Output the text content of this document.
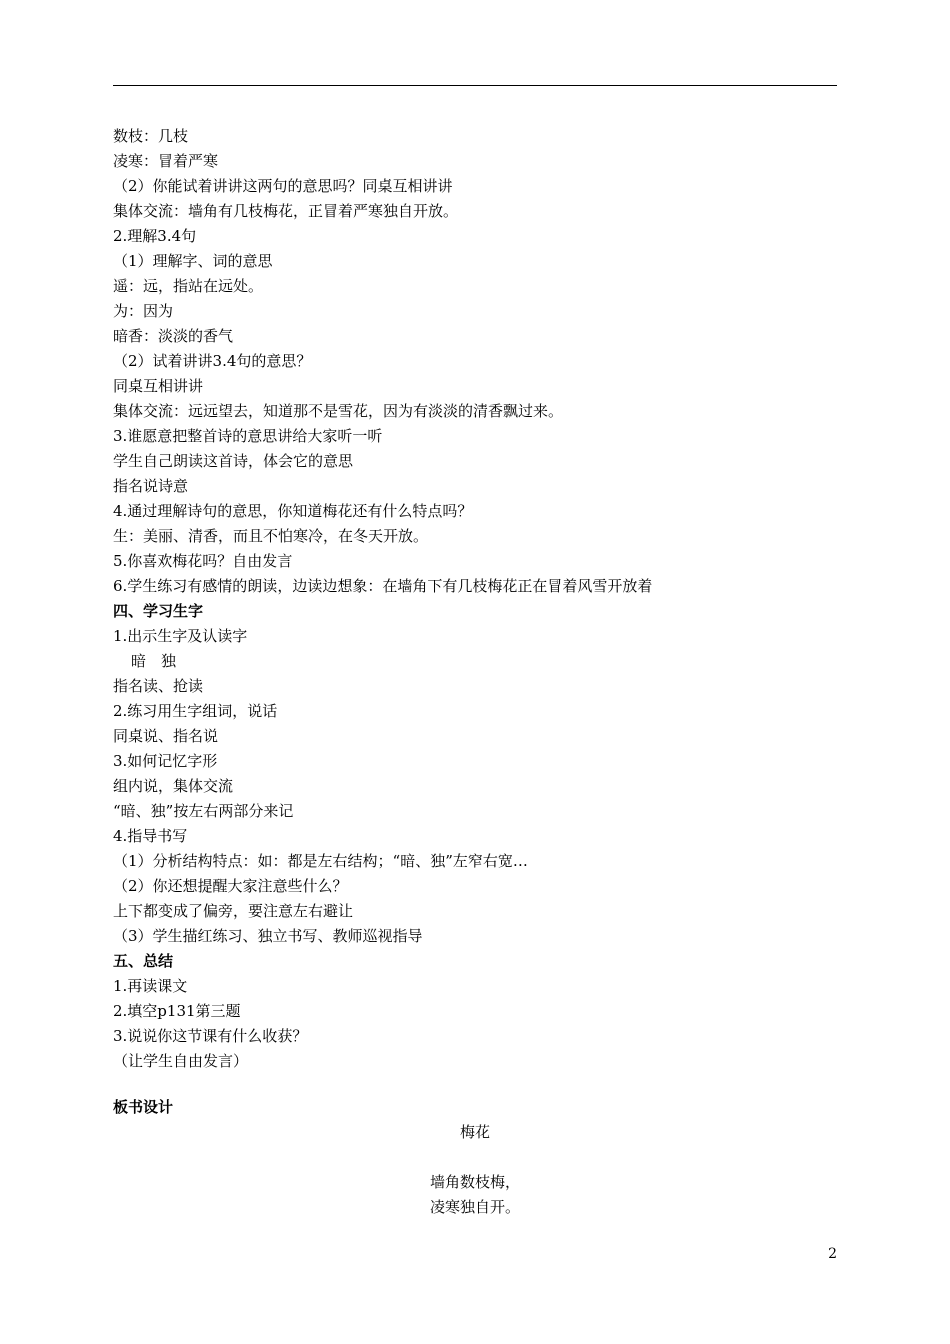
数枝：几枝
凌寒：冒着严寒
（2）你能试着讲讲这两句的意思吗？同桌互相讲讲
集体交流：墙角有几枝梅花，正冒着严寒独自开放。
2.理解3.4句
（1）理解字、词的意思
遥：远，指站在远处。
为：因为
暗香：淡淡的香气
（2）试着讲讲3.4句的意思？
同桌互相讲讲
集体交流：远远望去，知道那不是雪花，因为有淡淡的清香飘过来。
3.谁愿意把整首诗的意思讲给大家听一听
学生自己朗读这首诗，体会它的意思
指名说诗意
4.通过理解诗句的意思，你知道梅花还有什么特点吗？
生：美丽、清香，而且不怕寒冷，在冬天开放。
5.你喜欢梅花吗？自由发言
6.学生练习有感情的朗读，边读边想象：在墙角下有几枝梅花正在冒着风雪开放着
四、学习生字
1.出示生字及认读字
暗　独
指名读、抢读
2.练习用生字组词，说话
同桌说、指名说
3.如何记忆字形
组内说，集体交流
“暗、独”按左右两部分来记
4.指导书写
（1）分析结构特点：如：都是左右结构；“暗、独”左窄右宽…
（2）你还想提醒大家注意些什么？
上下都变成了偏旁，要注意左右避让
（3）学生描红练习、独立书写、教师巡视指导
五、总结
1.再读课文
2.填空p131第三题
3.说说你这节课有什么收获？
（让学生自由发言）
板书设计
梅花
墙角数枝梅，
凌寒独自开。
2
